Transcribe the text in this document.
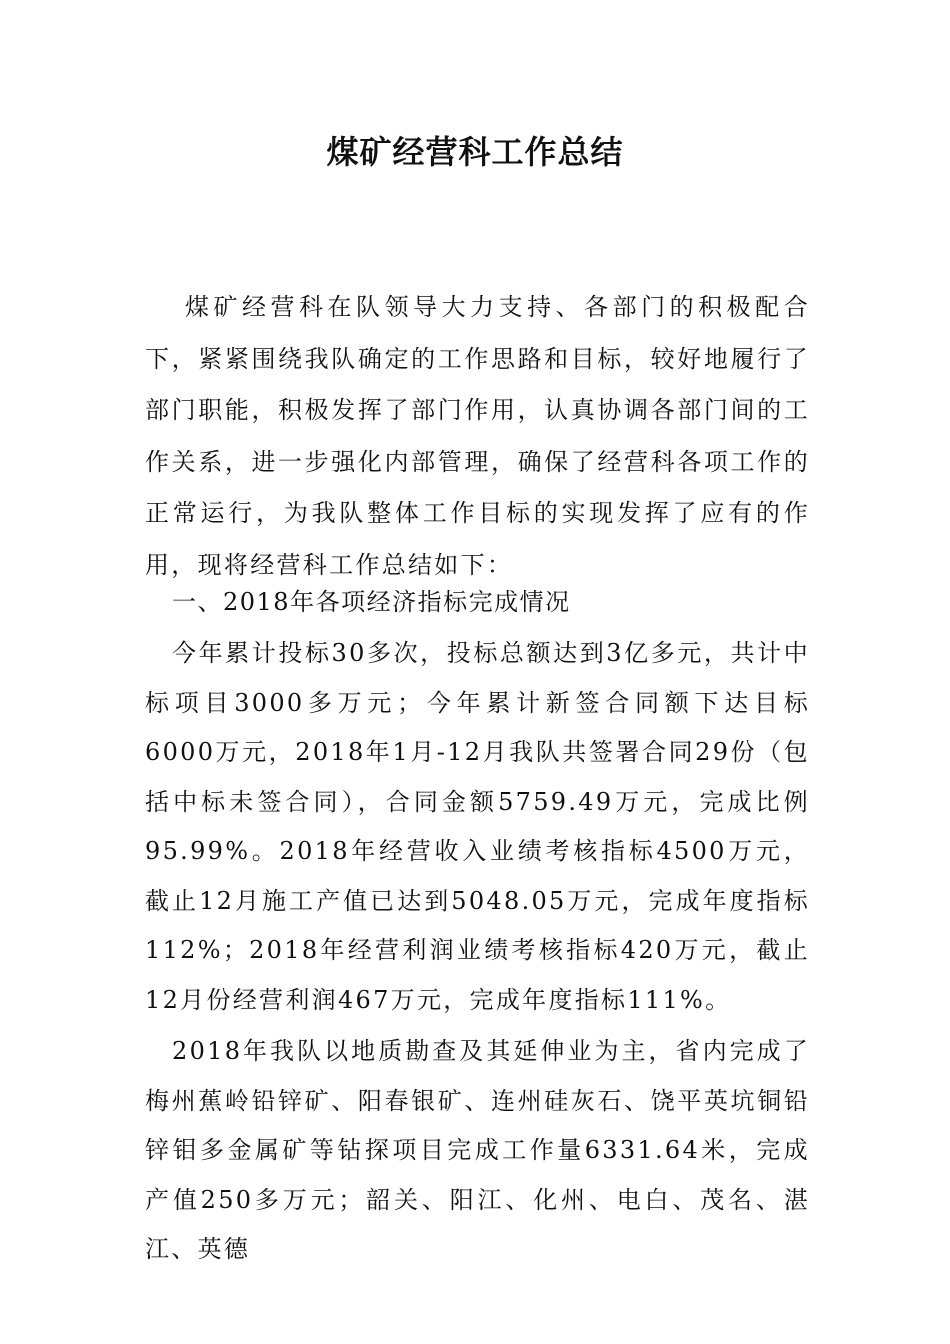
煤矿经营科工作总结
煤矿经营科在队领导大力支持、各部门的积极配合下，紧紧围绕我队确定的工作思路和目标，较好地履行了部门职能，积极发挥了部门作用，认真协调各部门间的工作关系，进一步强化内部管理，确保了经营科各项工作的正常运行，为我队整体工作目标的实现发挥了应有的作用，现将经营科工作总结如下：
一、2018年各项经济指标完成情况
今年累计投标30多次，投标总额达到3亿多元，共计中标项目3000多万元；今年累计新签合同额下达目标6000万元，2018年1月-12月我队共签署合同29份（包括中标未签合同），合同金额5759.49万元，完成比例95.99%。2018年经营收入业绩考核指标4500万元，截止12月施工产值已达到5048.05万元，完成年度指标112%；2018年经营利润业绩考核指标420万元，截止12月份经营利润467万元，完成年度指标111%。
2018年我队以地质勘查及其延伸业为主，省内完成了梅州蕉岭铅锌矿、阳春银矿、连州硅灰石、饶平英坑铜铅锌钼多金属矿等钻探项目完成工作量6331.64米，完成产值250多万元；韶关、阳江、化州、电白、茂名、湛江、英德
